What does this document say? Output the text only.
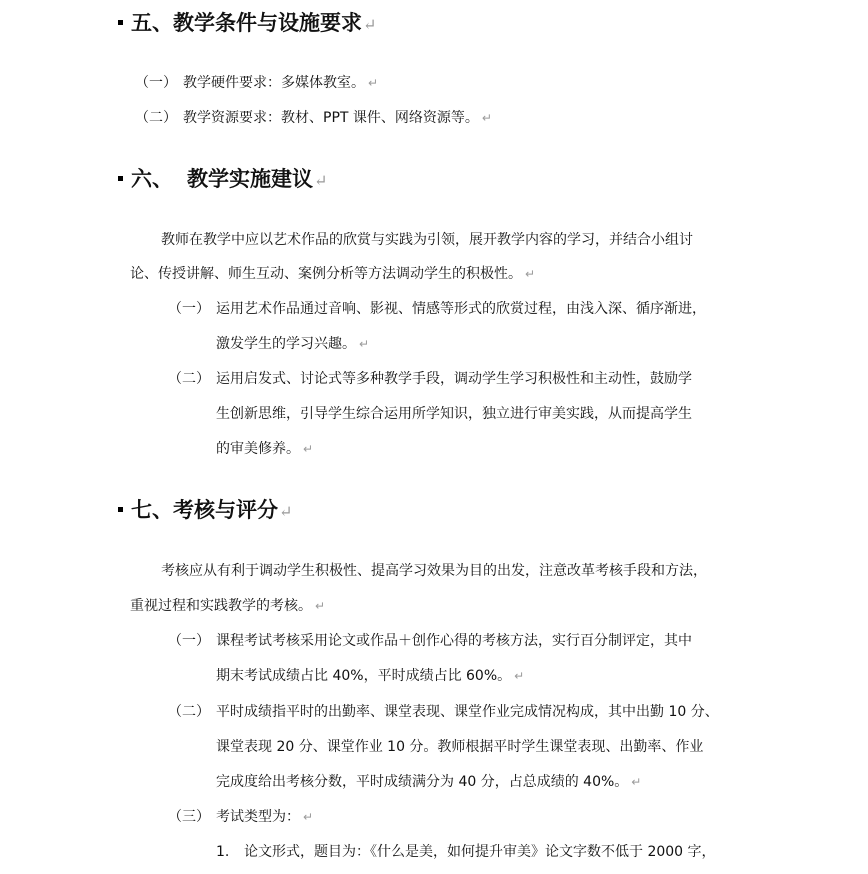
五、教学条件与设施要求↵
（一） 教学硬件要求：多媒体教室。 ↵
（二） 教学资源要求：教材、PPT 课件、网络资源等。 ↵
六、 教学实施建议↵
教师在教学中应以艺术作品的欣赏与实践为引领，展开教学内容的学习，并结合小组讨
论、传授讲解、师生互动、案例分析等方法调动学生的积极性。 ↵
（一） 运用艺术作品通过音响、影视、情感等形式的欣赏过程，由浅入深、循序渐进，
激发学生的学习兴趣。 ↵
（二） 运用启发式、讨论式等多种教学手段，调动学生学习积极性和主动性，鼓励学
生创新思维，引导学生综合运用所学知识，独立进行审美实践，从而提高学生
的审美修养。 ↵
七、考核与评分↵
考核应从有利于调动学生积极性、提高学习效果为目的出发，注意改革考核手段和方法，
重视过程和实践教学的考核。 ↵
（一） 课程考试考核采用论文或作品＋创作心得的考核方法，实行百分制评定，其中
期末考试成绩占比 40%，平时成绩占比 60%。 ↵
（二） 平时成绩指平时的出勤率、课堂表现、课堂作业完成情况构成，其中出勤 10 分、
课堂表现 20 分、课堂作业 10 分。教师根据平时学生课堂表现、出勤率、作业
完成度给出考核分数，平时成绩满分为 40 分，占总成绩的 40%。 ↵
（三） 考试类型为： ↵
1. 论文形式，题目为：《什么是美，如何提升审美》论文字数不低于 2000 字，
